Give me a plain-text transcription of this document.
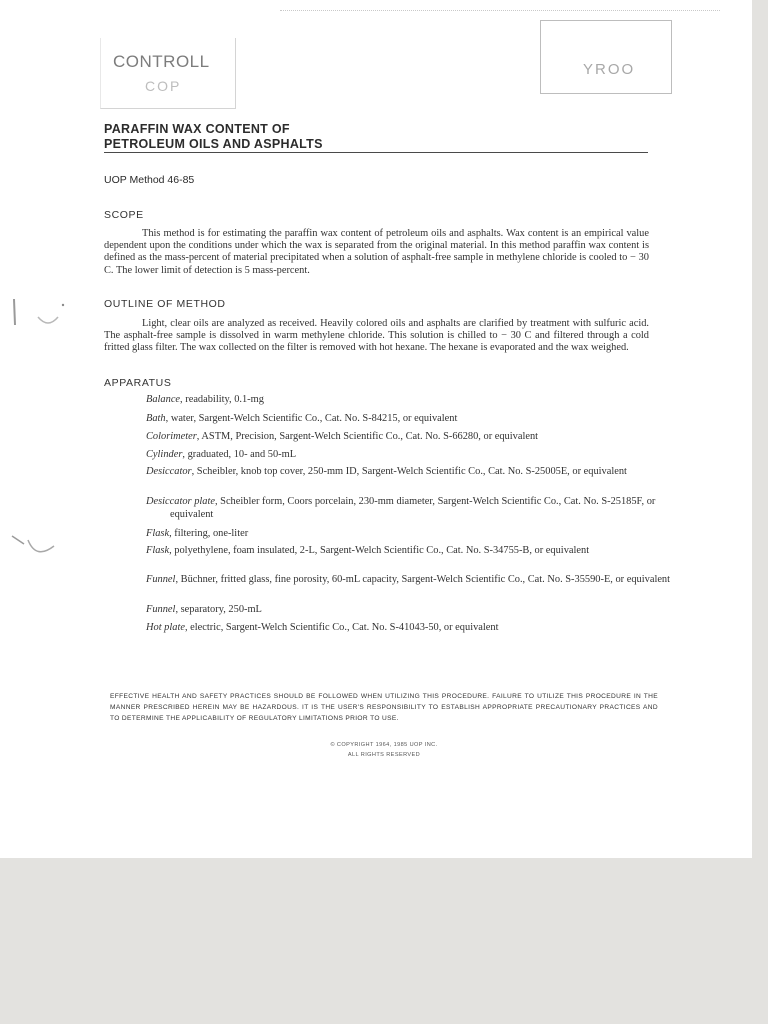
CONTROLL
COP
YROO
PARAFFIN WAX CONTENT OF
PETROLEUM OILS AND ASPHALTS
UOP Method 46-85
SCOPE
This method is for estimating the paraffin wax content of petroleum oils and asphalts. Wax content is an empirical value dependent upon the conditions under which the wax is separated from the original material. In this method paraffin wax content is defined as the mass-percent of material precipitated when a solution of asphalt-free sample in methylene chloride is cooled to − 30 C. The lower limit of detection is 5 mass-percent.
OUTLINE OF METHOD
Light, clear oils are analyzed as received. Heavily colored oils and asphalts are clarified by treatment with sulfuric acid. The asphalt-free sample is dissolved in warm methylene chloride. This solution is chilled to − 30 C and filtered through a cold fritted glass filter. The wax collected on the filter is removed with hot hexane. The hexane is evaporated and the wax weighed.
APPARATUS
Balance, readability, 0.1-mg
Bath, water, Sargent-Welch Scientific Co., Cat. No. S-84215, or equivalent
Colorimeter, ASTM, Precision, Sargent-Welch Scientific Co., Cat. No. S-66280, or equivalent
Cylinder, graduated, 10- and 50-mL
Desiccator, Scheibler, knob top cover, 250-mm ID, Sargent-Welch Scientific Co., Cat. No. S-25005E, or equivalent
Desiccator plate, Scheibler form, Coors porcelain, 230-mm diameter, Sargent-Welch Scientific Co., Cat. No. S-25185F, or equivalent
Flask, filtering, one-liter
Flask, polyethylene, foam insulated, 2-L, Sargent-Welch Scientific Co., Cat. No. S-34755-B, or equivalent
Funnel, Büchner, fritted glass, fine porosity, 60-mL capacity, Sargent-Welch Scientific Co., Cat. No. S-35590-E, or equivalent
Funnel, separatory, 250-mL
Hot plate, electric, Sargent-Welch Scientific Co., Cat. No. S-41043-50, or equivalent
EFFECTIVE HEALTH AND SAFETY PRACTICES SHOULD BE FOLLOWED WHEN UTILIZING THIS PROCEDURE. FAILURE TO UTILIZE THIS PROCEDURE IN THE MANNER PRESCRIBED HEREIN MAY BE HAZARDOUS. IT IS THE USER'S RESPONSIBILITY TO ESTABLISH APPROPRIATE PRECAUTIONARY PRACTICES AND TO DETERMINE THE APPLICABILITY OF REGULATORY LIMITATIONS PRIOR TO USE.
© COPYRIGHT 1964, 1985 UOP INC.
ALL RIGHTS RESERVED
